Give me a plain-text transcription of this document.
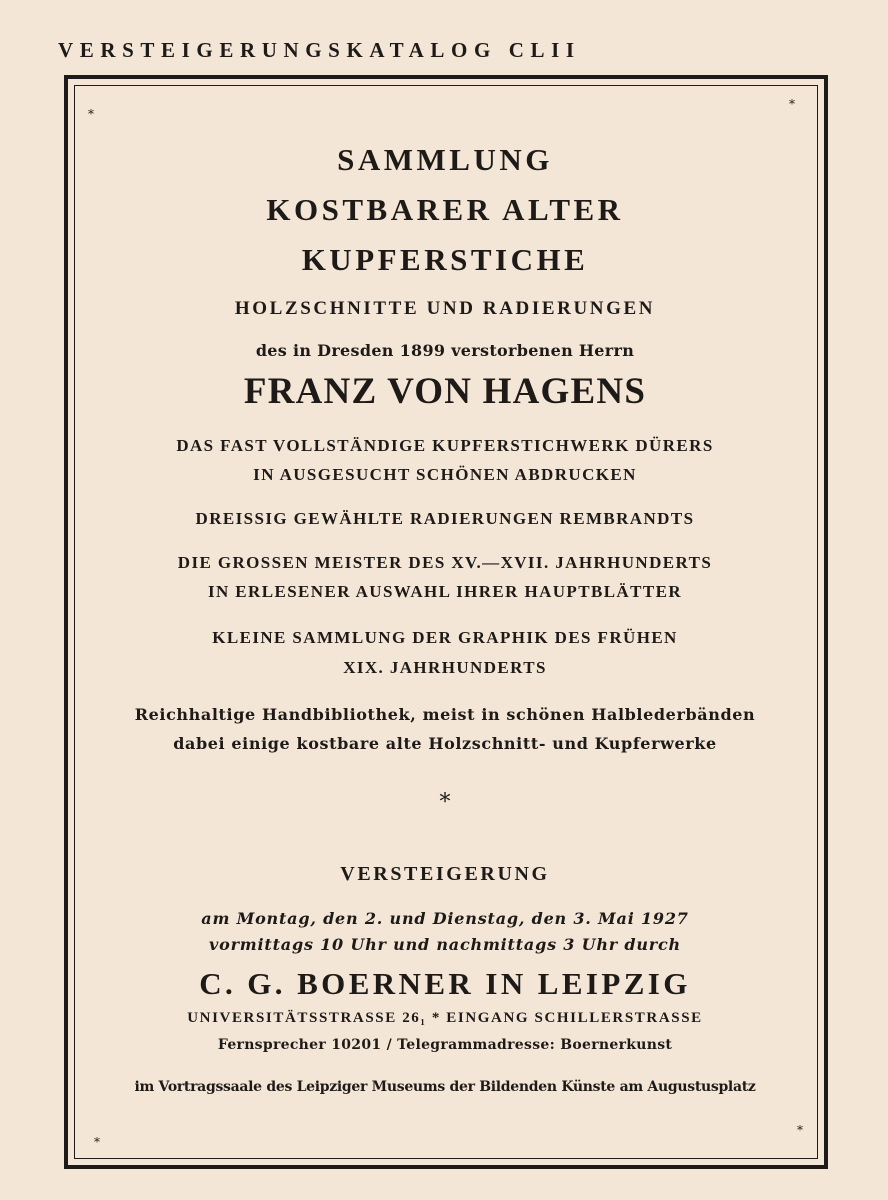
VERSTEIGERUNGSKATALOG CLII
*
*
*
*
SAMMLUNG
KOSTBARER ALTER
KUPFERSTICHE
HOLZSCHNITTE UND RADIERUNGEN
des in Dresden 1899 verstorbenen Herrn
FRANZ VON HAGENS
DAS FAST VOLLSTÄNDIGE KUPFERSTICHWERK DÜRERS
IN AUSGESUCHT SCHÖNEN ABDRUCKEN
DREISSIG GEWÄHLTE RADIERUNGEN REMBRANDTS
DIE GROSSEN MEISTER DES XV.—XVII. JAHRHUNDERTS
IN ERLESENER AUSWAHL IHRER HAUPTBLÄTTER
KLEINE SAMMLUNG DER GRAPHIK DES FRÜHEN
XIX. JAHRHUNDERTS
Reichhaltige Handbibliothek, meist in schönen Halblederbänden
dabei einige kostbare alte Holzschnitt- und Kupferwerke
*
VERSTEIGERUNG
am Montag, den 2. und Dienstag, den 3. Mai 1927
vormittags 10 Uhr und nachmittags 3 Uhr durch
C. G. BOERNER IN LEIPZIG
UNIVERSITÄTSSTRASSE 26₁ * EINGANG SCHILLERSTRASSE
Fernsprecher 10201 / Telegrammadresse: Boernerkunst
im Vortragssaale des Leipziger Museums der Bildenden Künste am Augustusplatz
